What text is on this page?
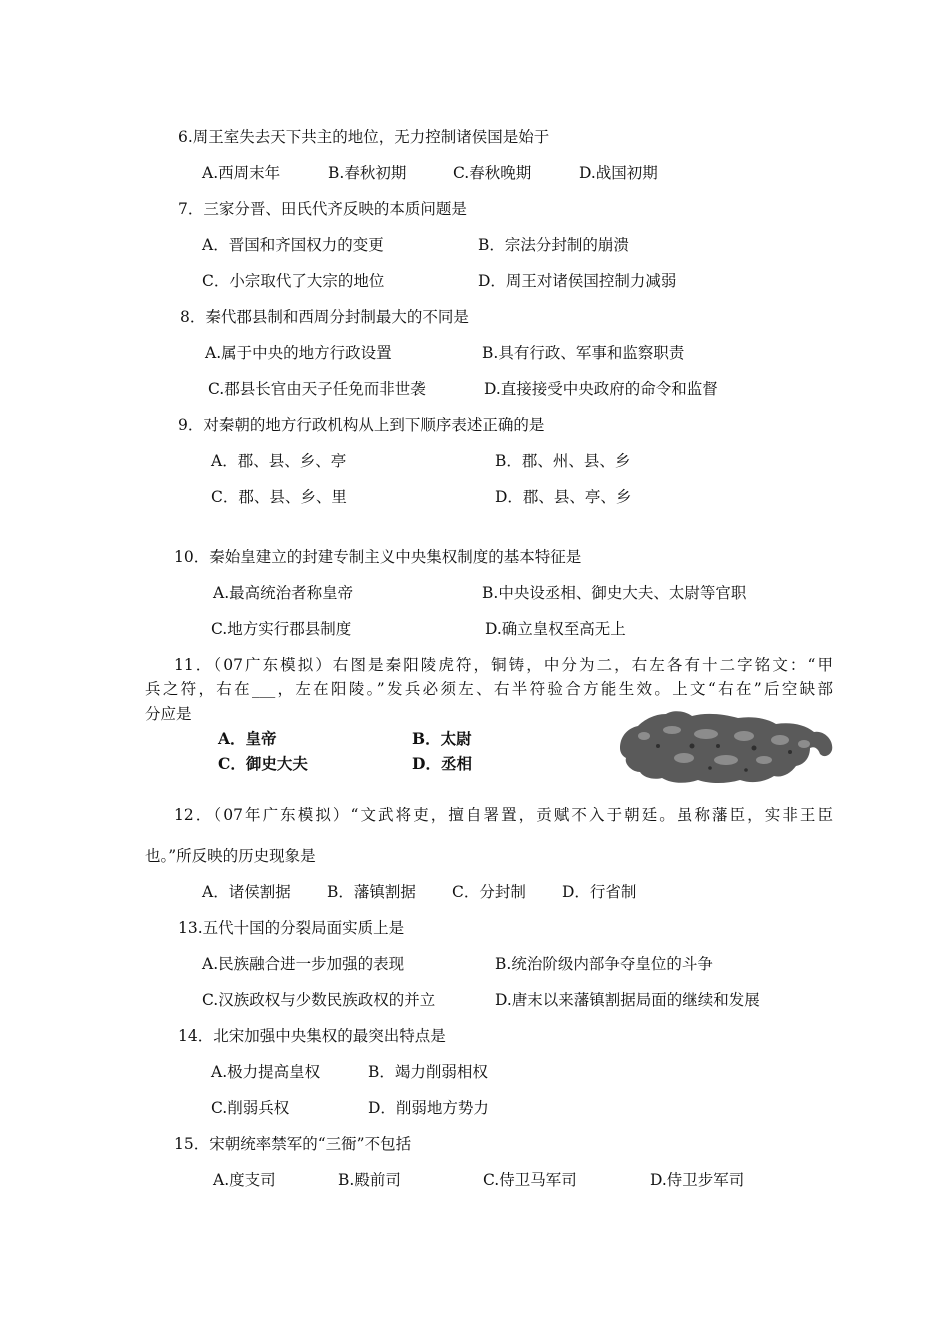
6.周王室失去天下共主的地位，无力控制诸侯国是始于
A.西周末年	B.春秋初期	C.春秋晚期	D.战国初期
7．三家分晋、田氏代齐反映的本质问题是
A．晋国和齐国权力的变更	B．宗法分封制的崩溃
C．小宗取代了大宗的地位	D．周王对诸侯国控制力减弱
8．秦代郡县制和西周分封制最大的不同是
A.属于中央的地方行政设置	B.具有行政、军事和监察职责
C.郡县长官由天子任免而非世袭	D.直接接受中央政府的命令和监督
9．对秦朝的地方行政机构从上到下顺序表述正确的是
A．郡、县、乡、亭	B．郡、州、县、乡
C．郡、县、乡、里	D．郡、县、亭、乡
10．秦始皇建立的封建专制主义中央集权制度的基本特征是
A.最高统治者称皇帝	B.中央设丞相、御史大夫、太尉等官职
C.地方实行郡县制度	D.确立皇权至高无上
11．（07广东模拟）右图是秦阳陵虎符，铜铸，中分为二，右左各有十二字铭文：“甲
兵之符，右在___，左在阳陵。”发兵必须左、右半符验合方能生效。上文“右在”后空缺部
分应是
A．皇帝	B．太尉
C．御史大夫	D．丞相
12．（07年广东模拟）“文武将吏，擅自署置，贡赋不入于朝廷。虽称藩臣，实非王臣
也。”所反映的历史现象是
A．诸侯割据 B．藩镇割据 C．分封制 D．行省制
13.五代十国的分裂局面实质上是
A.民族融合进一步加强的表现	B.统治阶级内部争夺皇位的斗争
C.汉族政权与少数民族政权的并立	D.唐末以来藩镇割据局面的继续和发展
14．北宋加强中央集权的最突出特点是
A.极力提高皇权	B．竭力削弱相权
C.削弱兵权	D．削弱地方势力
15．宋朝统率禁军的“三衙”不包括
A.度支司	B.殿前司	C.侍卫马军司	D.侍卫步军司
